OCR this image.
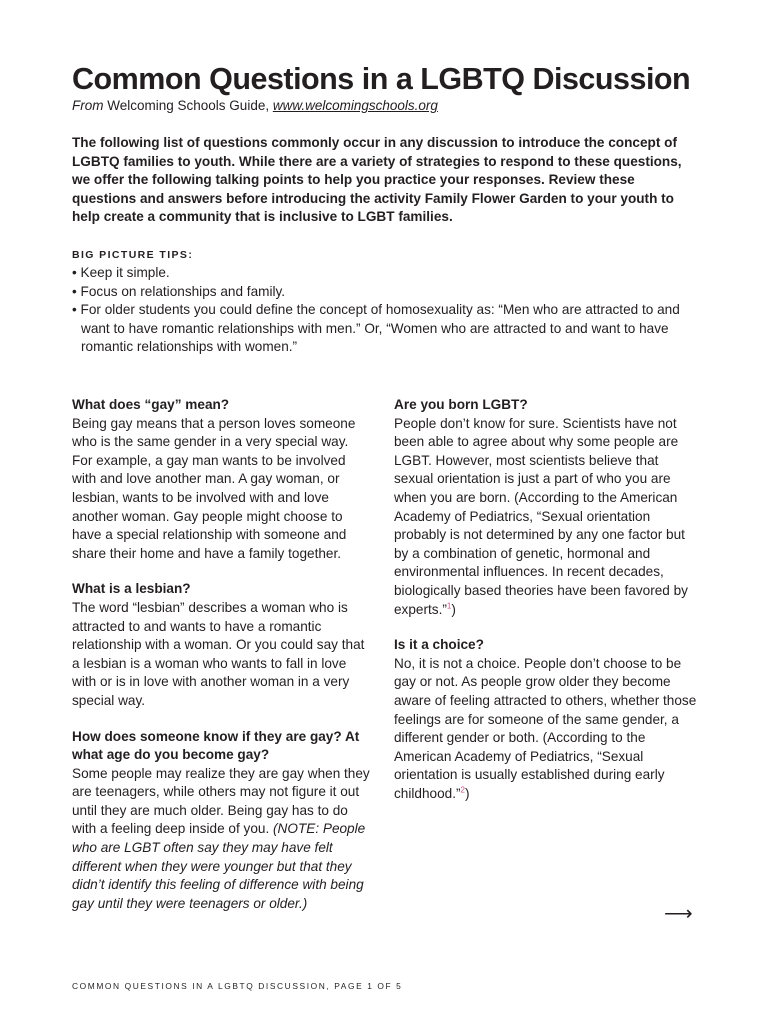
Common Questions in a LGBTQ Discussion
From Welcoming Schools Guide, www.welcomingschools.org

The following list of questions commonly occur in any discussion to introduce the concept of LGBTQ families to youth. While there are a variety of strategies to respond to these questions, we offer the following talking points to help you practice your responses. Review these questions and answers before introducing the activity Family Flower Garden to your youth to help create a community that is inclusive to LGBT families.

BIG PICTURE TIPS:

• Keep it simple.
• Focus on relationships and family.
• For older students you could define the concept of homosexuality as: “Men who are attracted to and want to have romantic relationships with men.” Or, “Women who are attracted to and want to have romantic relationships with women.”

What does “gay” mean?

Being gay means that a person loves someone who is the same gender in a very special way. For example, a gay man wants to be involved with and love another man. A gay woman, or lesbian, wants to be involved with and love another woman. Gay people might choose to have a special relationship with someone and share their home and have a family together.

What is a lesbian?

The word “lesbian” describes a woman who is attracted to and wants to have a romantic relationship with a woman. Or you could say that a lesbian is a woman who wants to fall in love with or is in love with another woman in a very special way.

How does someone know if they are gay? At what age do you become gay?

Some people may realize they are gay when they are teenagers, while others may not figure it out until they are much older. Being gay has to do with a feeling deep inside of you. (NOTE: People who are LGBT often say they may have felt different when they were younger but that they didn’t identify this feeling of difference with being gay until they were teenagers or older.)

Are you born LGBT?

People don’t know for sure. Scientists have not been able to agree about why some people are LGBT. However, most scientists believe that sexual orientation is just a part of who you are when you are born. (According to the American Academy of Pediatrics, “Sexual orientation probably is not determined by any one factor but by a combination of genetic, hormonal and environmental influences. In recent decades, biologically based theories have been favored by experts.”$^1$)

Is it a choice?

No, it is not a choice. People don’t choose to be gay or not. As people grow older they become aware of feeling attracted to others, whether those feelings are for someone of the same gender, a different gender or both. (According to the American Academy of Pediatrics, “Sexual orientation is usually established during early childhood.”$^2$)

⟶
COMMON QUESTIONS IN A LGBTQ DISCUSSION, PAGE 1 OF 5
